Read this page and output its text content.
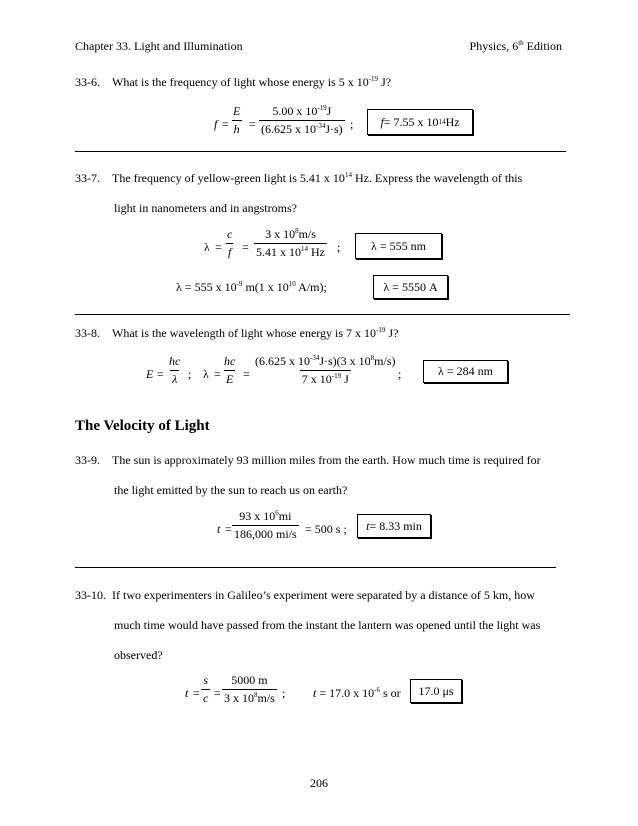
Chapter 33. Light and Illumination	Physics, 6th Edition
33-6. What is the frequency of light whose energy is 5 x $10^{-19}$ J?
$f = \frac{E}{h} = \frac{5.00 x 10^{-19}J}{(6.625 x 10^{-34}J\cdot s)}$ ; f = 7.55 x 10 14 Hz
33-7. The frequency of yellow-green light is 5.41 x $10^{14}$ Hz. Express the wavelength of this
light in nanometers and in angstroms?
$\lambda = \frac{c}{f} = \frac{3 x 10^8m/s}{5.41 x 10^{14} Hz}$ ;	λ = 555 nm
λ = 555 x $10^{-9}$ m(1 x $10^{10}$ A/m);	λ = 5550 A
33-8. What is the wavelength of light whose energy is 7 x $10^{-19}$ J?
$E = \frac{hc}{\lambda}$ ; $\lambda = \frac{hc}{E} = \frac{(6.625 x 10^{-34}J\cdot s)(3 x 10^8m/s)}{7 x 10^{-19} J}$ ;	λ = 284 nm
The Velocity of Light
33-9. The sun is approximately 93 million miles from the earth. How much time is required for
the light emitted by the sun to reach us on earth?
$t = \frac{93 x 10^6mi}{186,000 mi/s} = 500$ s ; t = 8.33 min
33-10. If two experimenters in Galileo’s experiment were separated by a distance of 5 km, how
much time would have passed from the instant the lantern was opened until the light was
observed?
$t = \frac{s}{c} = \frac{5000 m}{3 x 10^8m/s}$ ; t = 17.0 x $10^{-6}$ s or 17.0 μs
206
